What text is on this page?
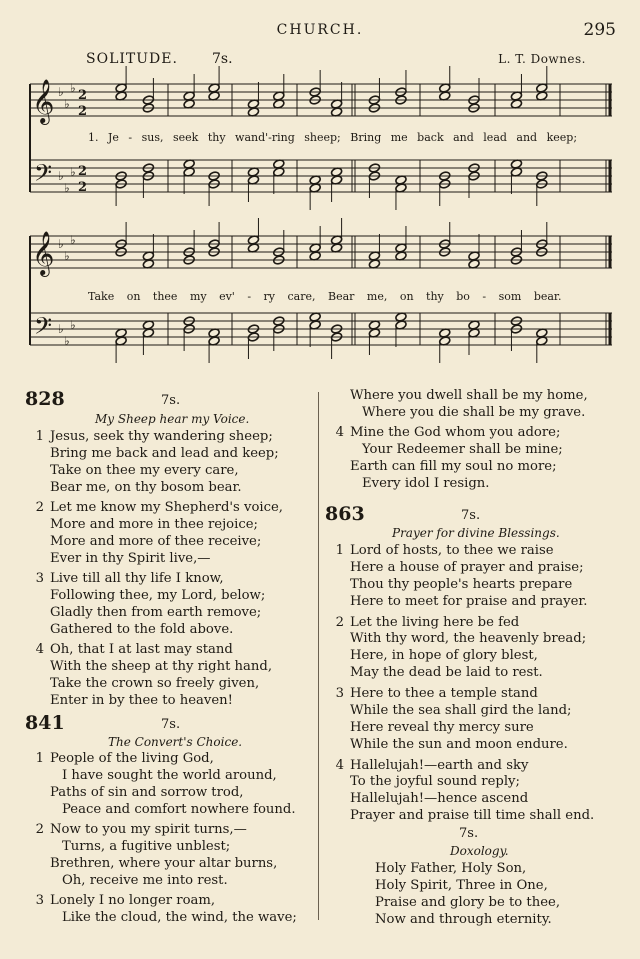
CHURCH.	295
SOLITUDE. 7s.	L. T. Downes.
𝄞 ♭
♭
♭ 2
2
𝄢 ♭
♭
♭ 2
2
𝄞 ♭
♭
♭
𝄢 ♭
♭
♭
1. Je - sus, seek thy wand'-ring sheep; Bring me back and lead and keep;
Take on thee my ev' - ry care, Bear me, on thy bo - som bear.
828	7s.
My Sheep hear my Voice.
1 Jesus, seek thy wandering sheep;
Bring me back and lead and keep;
Take on thee my every care,
Bear me, on thy bosom bear.
2 Let me know my Shepherd's voice,
More and more in thee rejoice;
More and more of thee receive;
Ever in thy Spirit live,—
3 Live till all thy life I know,
Following thee, my Lord, below;
Gladly then from earth remove;
Gathered to the fold above.
4 Oh, that I at last may stand
With the sheep at thy right hand,
Take the crown so freely given,
Enter in by thee to heaven!
841	7s.
The Convert's Choice.
1 People of the living God,
I have sought the world around,
Paths of sin and sorrow trod,
Peace and comfort nowhere found.
2 Now to you my spirit turns,—
Turns, a fugitive unblest;
Brethren, where your altar burns,
Oh, receive me into rest.
3 Lonely I no longer roam,
Like the cloud, the wind, the wave;
Where you dwell shall be my home,
Where you die shall be my grave.
4 Mine the God whom you adore;
Your Redeemer shall be mine;
Earth can fill my soul no more;
Every idol I resign.
863	7s.
Prayer for divine Blessings.
1 Lord of hosts, to thee we raise
Here a house of prayer and praise;
Thou thy people's hearts prepare
Here to meet for praise and prayer.
2 Let the living here be fed
With thy word, the heavenly bread;
Here, in hope of glory blest,
May the dead be laid to rest.
3 Here to thee a temple stand
While the sea shall gird the land;
Here reveal thy mercy sure
While the sun and moon endure.
4 Hallelujah!—earth and sky
To the joyful sound reply;
Hallelujah!—hence ascend
Prayer and praise till time shall end.
7s.
Doxology.
Holy Father, Holy Son,
Holy Spirit, Three in One,
Praise and glory be to thee,
Now and through eternity.
